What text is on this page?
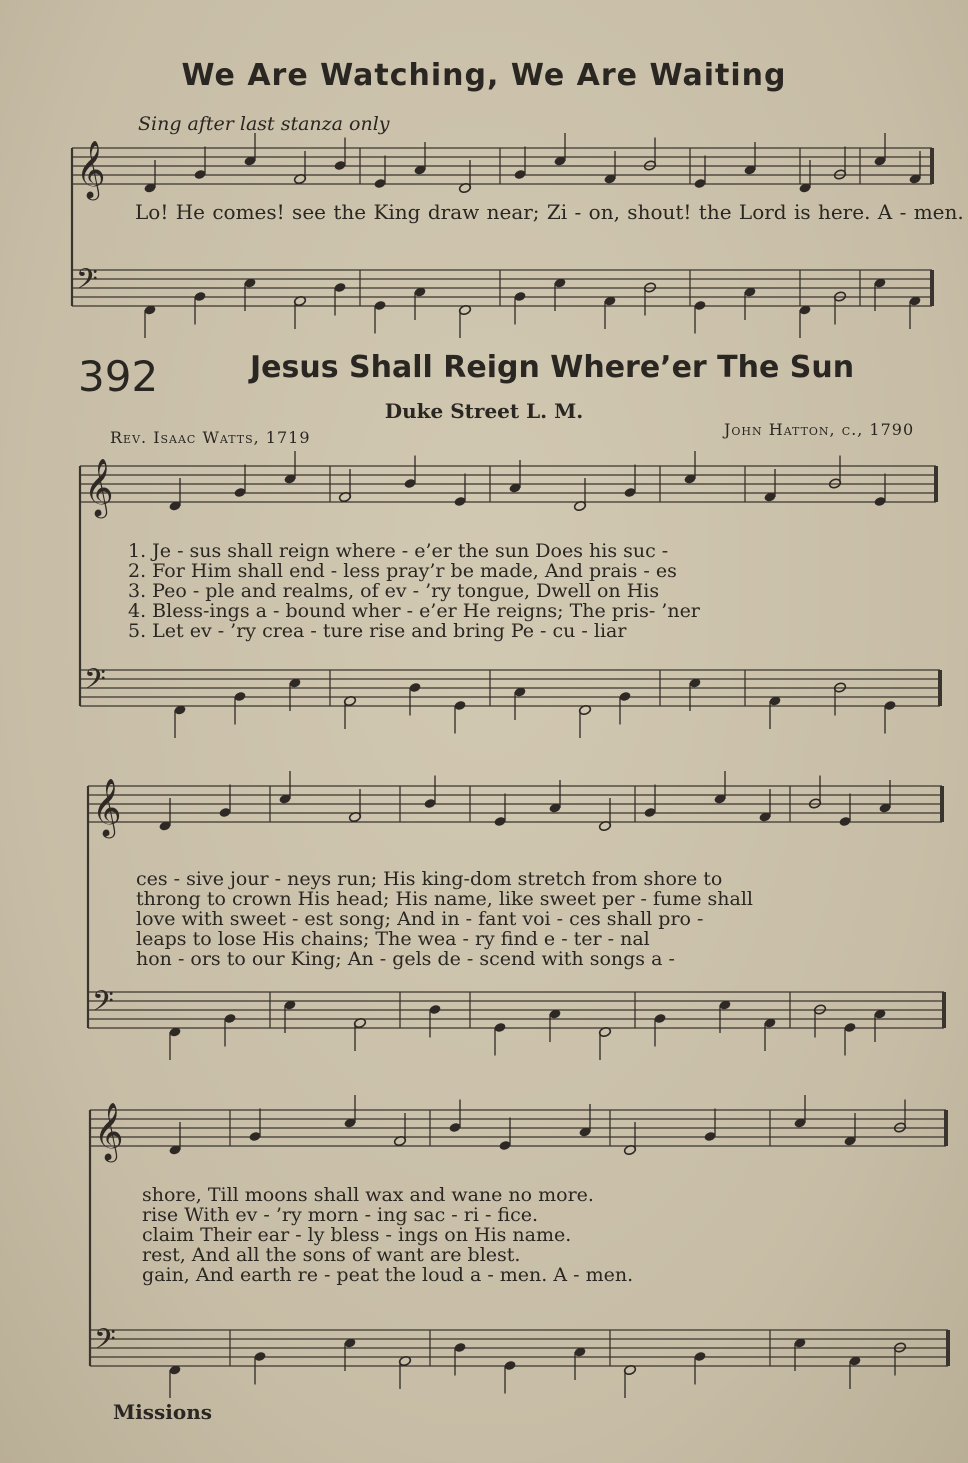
𝄞
𝄢
𝄞
𝄢
𝄞
𝄢
𝄞
𝄢
We Are Watching, We Are Waiting
Sing after last stanza only
Lo! He comes! see the King draw near; Zi - on, shout! the Lord is here. A - men.
392	Jesus Shall Reign Where’er The Sun
Duke Street L. M.
Rev. Isaac Watts, 1719	John Hatton, c., 1790
1. Je - sus shall reign where - e’er the sun Does his suc -
2. For Him shall end - less pray’r be made, And prais - es
3. Peo - ple and realms, of ev - ’ry tongue, Dwell on His
4. Bless-ings a - bound wher - e’er He reigns; The pris- ’ner
5. Let ev - ’ry crea - ture rise and bring Pe - cu - liar
ces - sive jour - neys run; His king-dom stretch from shore to
throng to crown His head; His name, like sweet per - fume shall
love with sweet - est song; And in - fant voi - ces shall pro -
leaps to lose His chains; The wea - ry find e - ter - nal
hon - ors to our King; An - gels de - scend with songs a -
shore, Till moons shall wax and wane no more.
rise With ev - ’ry morn - ing sac - ri - fice.
claim Their ear - ly bless - ings on His name.
rest, And all the sons of want are blest.
gain, And earth re - peat the loud a - men. A - men.
Missions
